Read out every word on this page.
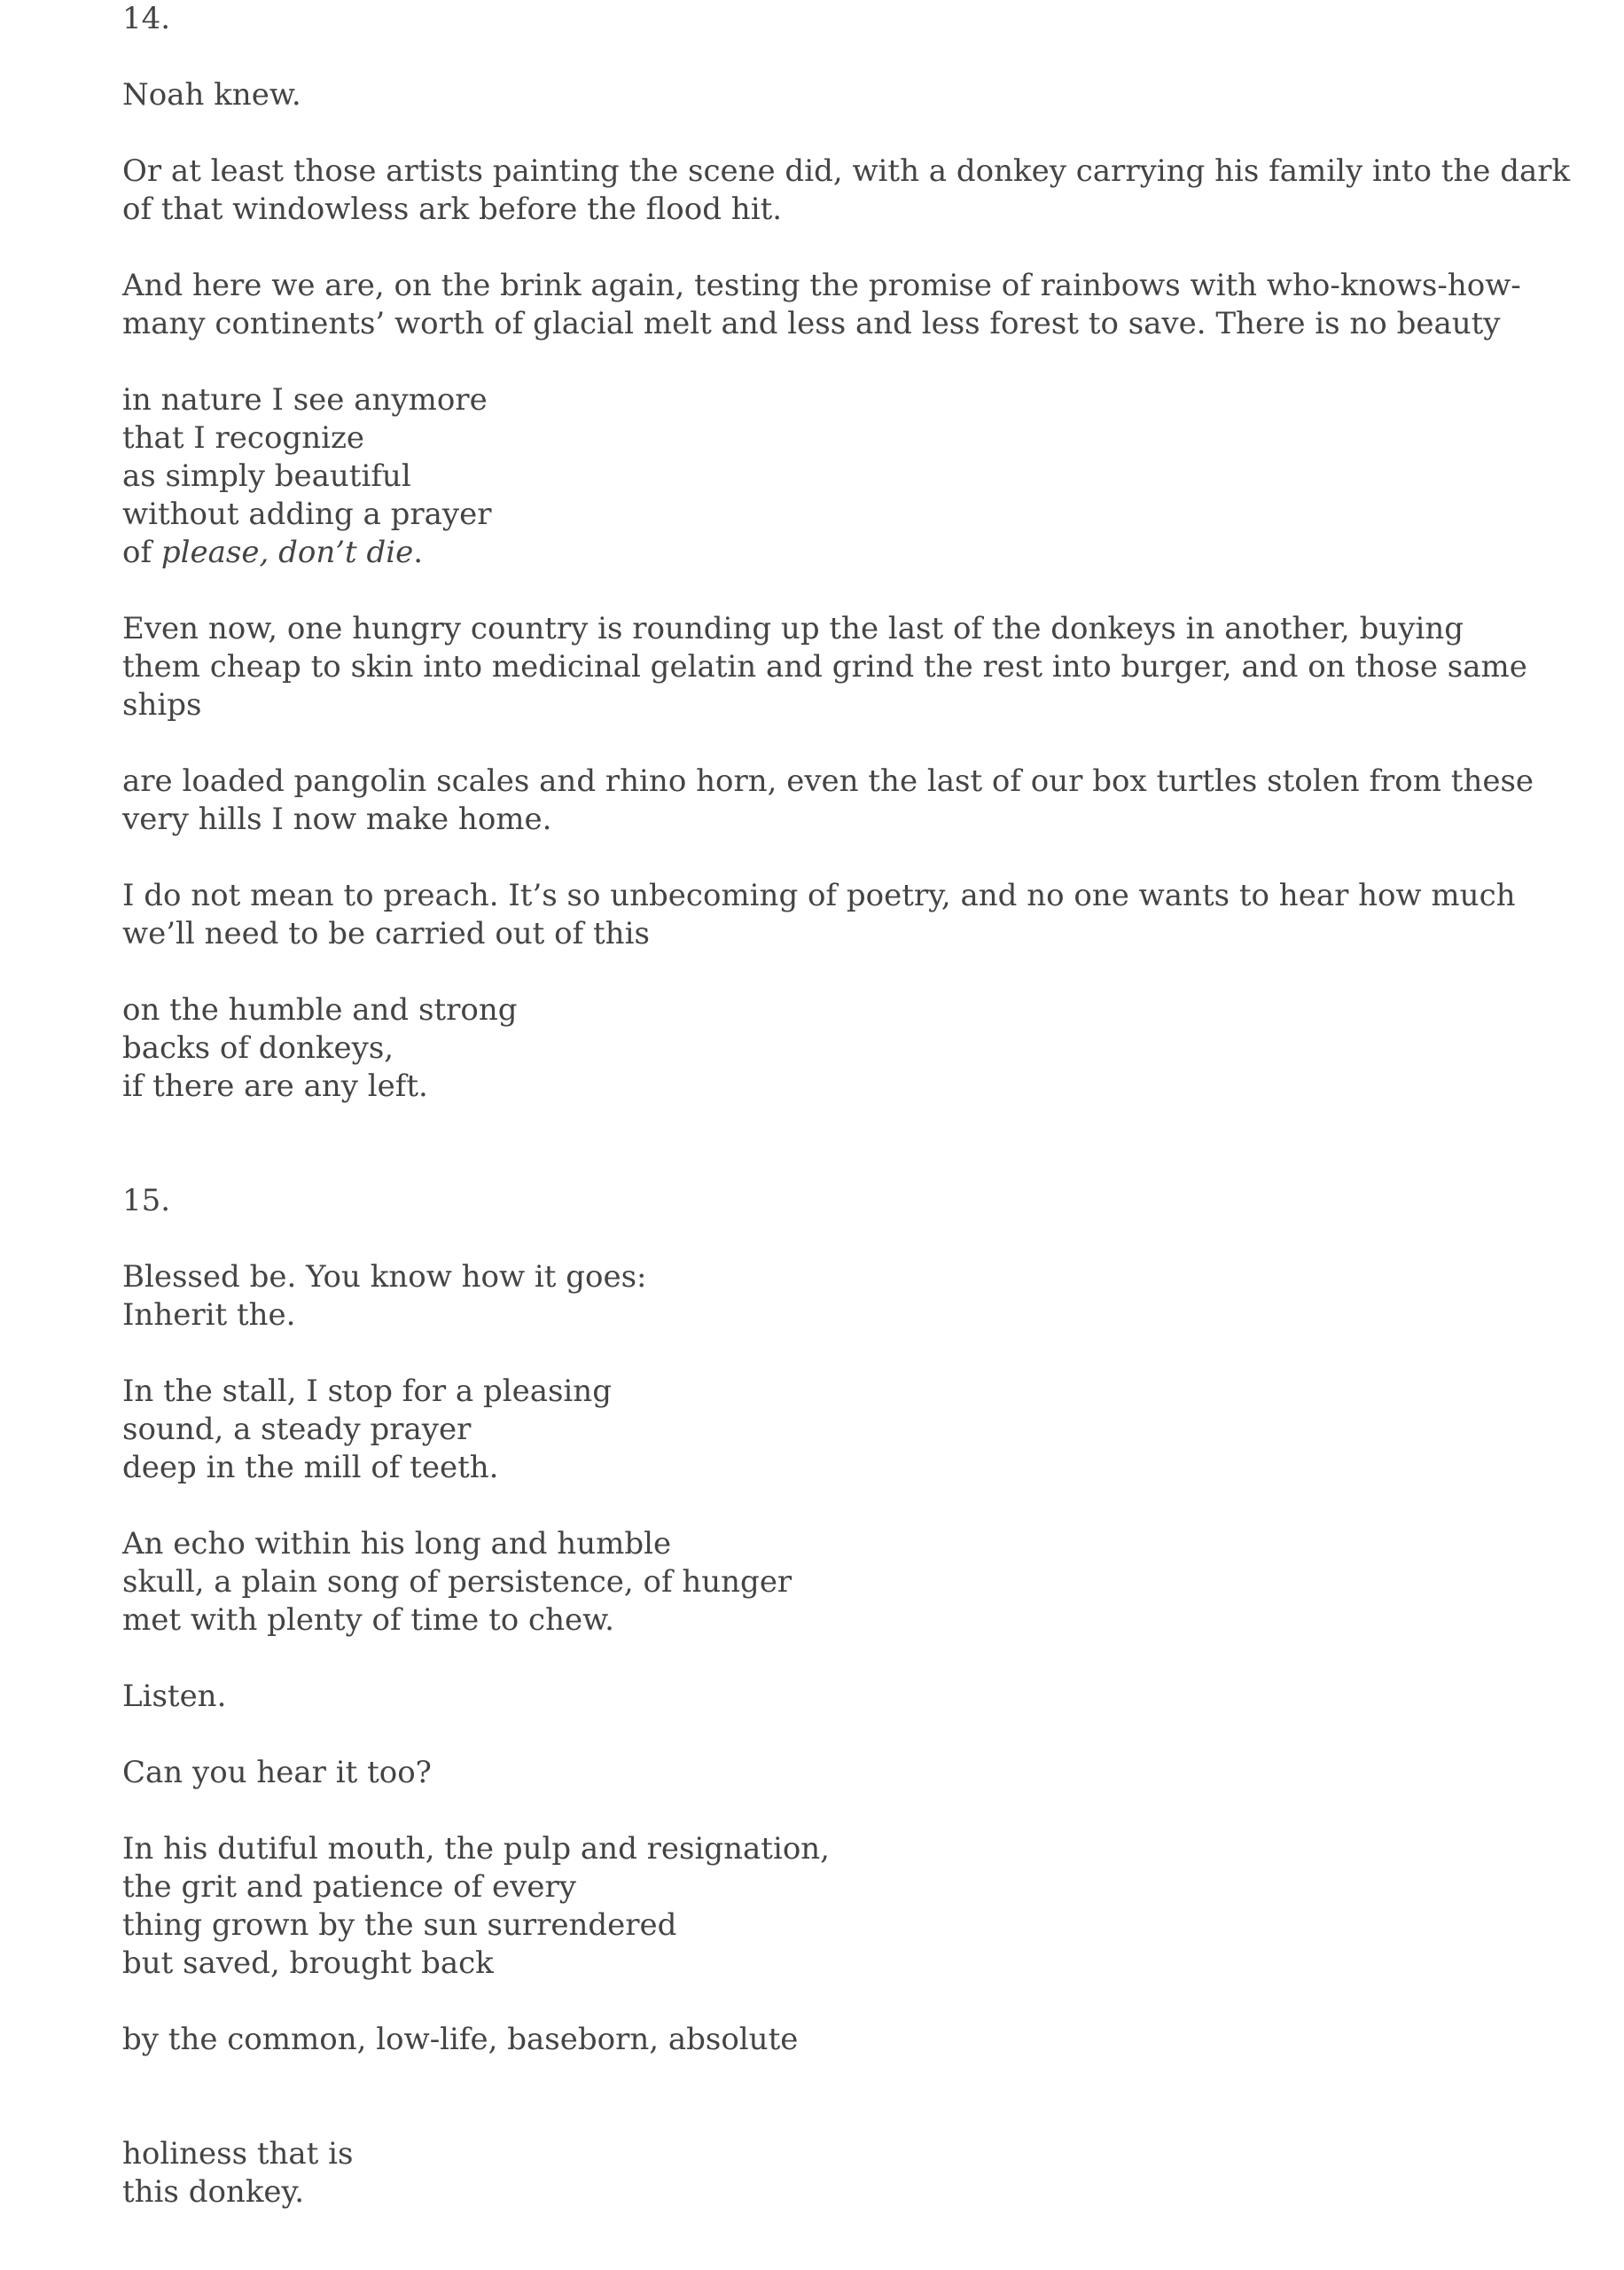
14.

Noah knew.

Or at least those artists painting the scene did, with a donkey carrying his family into the dark
of that windowless ark before the flood hit.

And here we are, on the brink again, testing the promise of rainbows with who-knows-how-
many continents’ worth of glacial melt and less and less forest to save. There is no beauty

in nature I see anymore
that I recognize
as simply beautiful
without adding a prayer
of please, don’t die.

Even now, one hungry country is rounding up the last of the donkeys in another, buying
them cheap to skin into medicinal gelatin and grind the rest into burger, and on those same
ships

are loaded pangolin scales and rhino horn, even the last of our box turtles stolen from these
very hills I now make home.

I do not mean to preach. It’s so unbecoming of poetry, and no one wants to hear how much
we’ll need to be carried out of this

on the humble and strong
backs of donkeys,
if there are any left.

15.

Blessed be. You know how it goes:
Inherit the.

In the stall, I stop for a pleasing
sound, a steady prayer
deep in the mill of teeth.

An echo within his long and humble
skull, a plain song of persistence, of hunger
met with plenty of time to chew.

Listen.

Can you hear it too?

In his dutiful mouth, the pulp and resignation,
the grit and patience of every
thing grown by the sun surrendered
but saved, brought back

by the common, low-life, baseborn, absolute

holiness that is
this donkey.
